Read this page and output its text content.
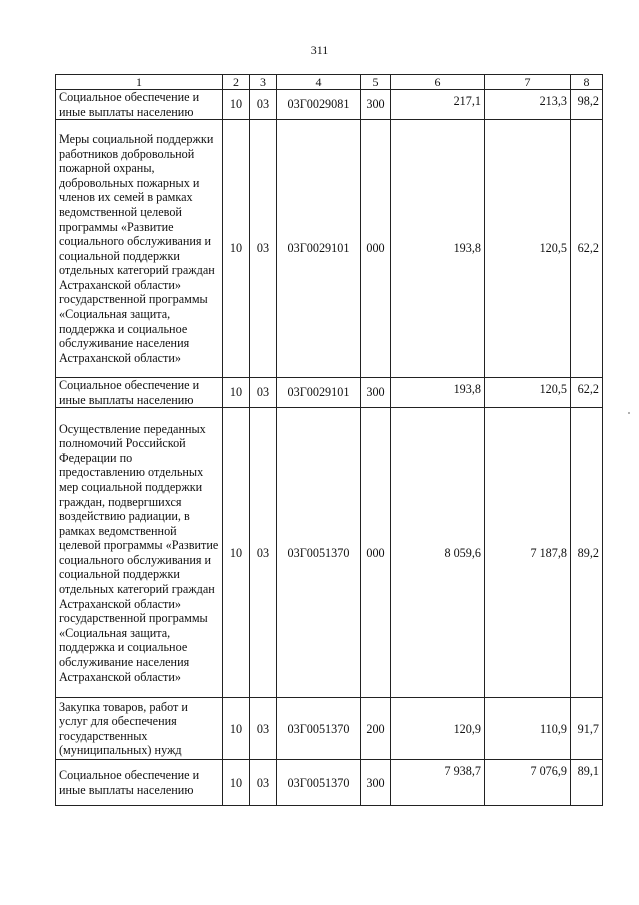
311
1	2	3	4	5	6	7	8
Социальное обеспечение и иные выплаты населению	10	03	03Г0029081	300	217,1	213,3	98,2
Меры социальной поддержки работников добровольной пожарной охраны, добровольных пожарных и членов их семей в рамках ведомственной целевой программы «Развитие социального обслуживания и социальной поддержки отдельных категорий граждан Астраханской области» государственной программы «Социальная защита, поддержка и социальное обслуживание населения Астраханской области»	10	03	03Г0029101	000	193,8	120,5	62,2
Социальное обеспечение и иные выплаты населению	10	03	03Г0029101	300	193,8	120,5	62,2
Осуществление переданных полномочий Российской Федерации по предоставлению отдельных мер социальной поддержки граждан, подвергшихся воздействию радиации, в рамках ведомственной целевой программы «Развитие социального обслуживания и социальной поддержки отдельных категорий граждан Астраханской области» государственной программы «Социальная защита, поддержка и социальное обслуживание населения Астраханской области»	10	03	03Г0051370	000	8 059,6	7 187,8	89,2
Закупка товаров, работ и услуг для обеспечения государственных (муниципальных) нужд	10	03	03Г0051370	200	120,9	110,9	91,7
Социальное обеспечение и иные выплаты населению	10	03	03Г0051370	300	7 938,7	7 076,9	89,1
